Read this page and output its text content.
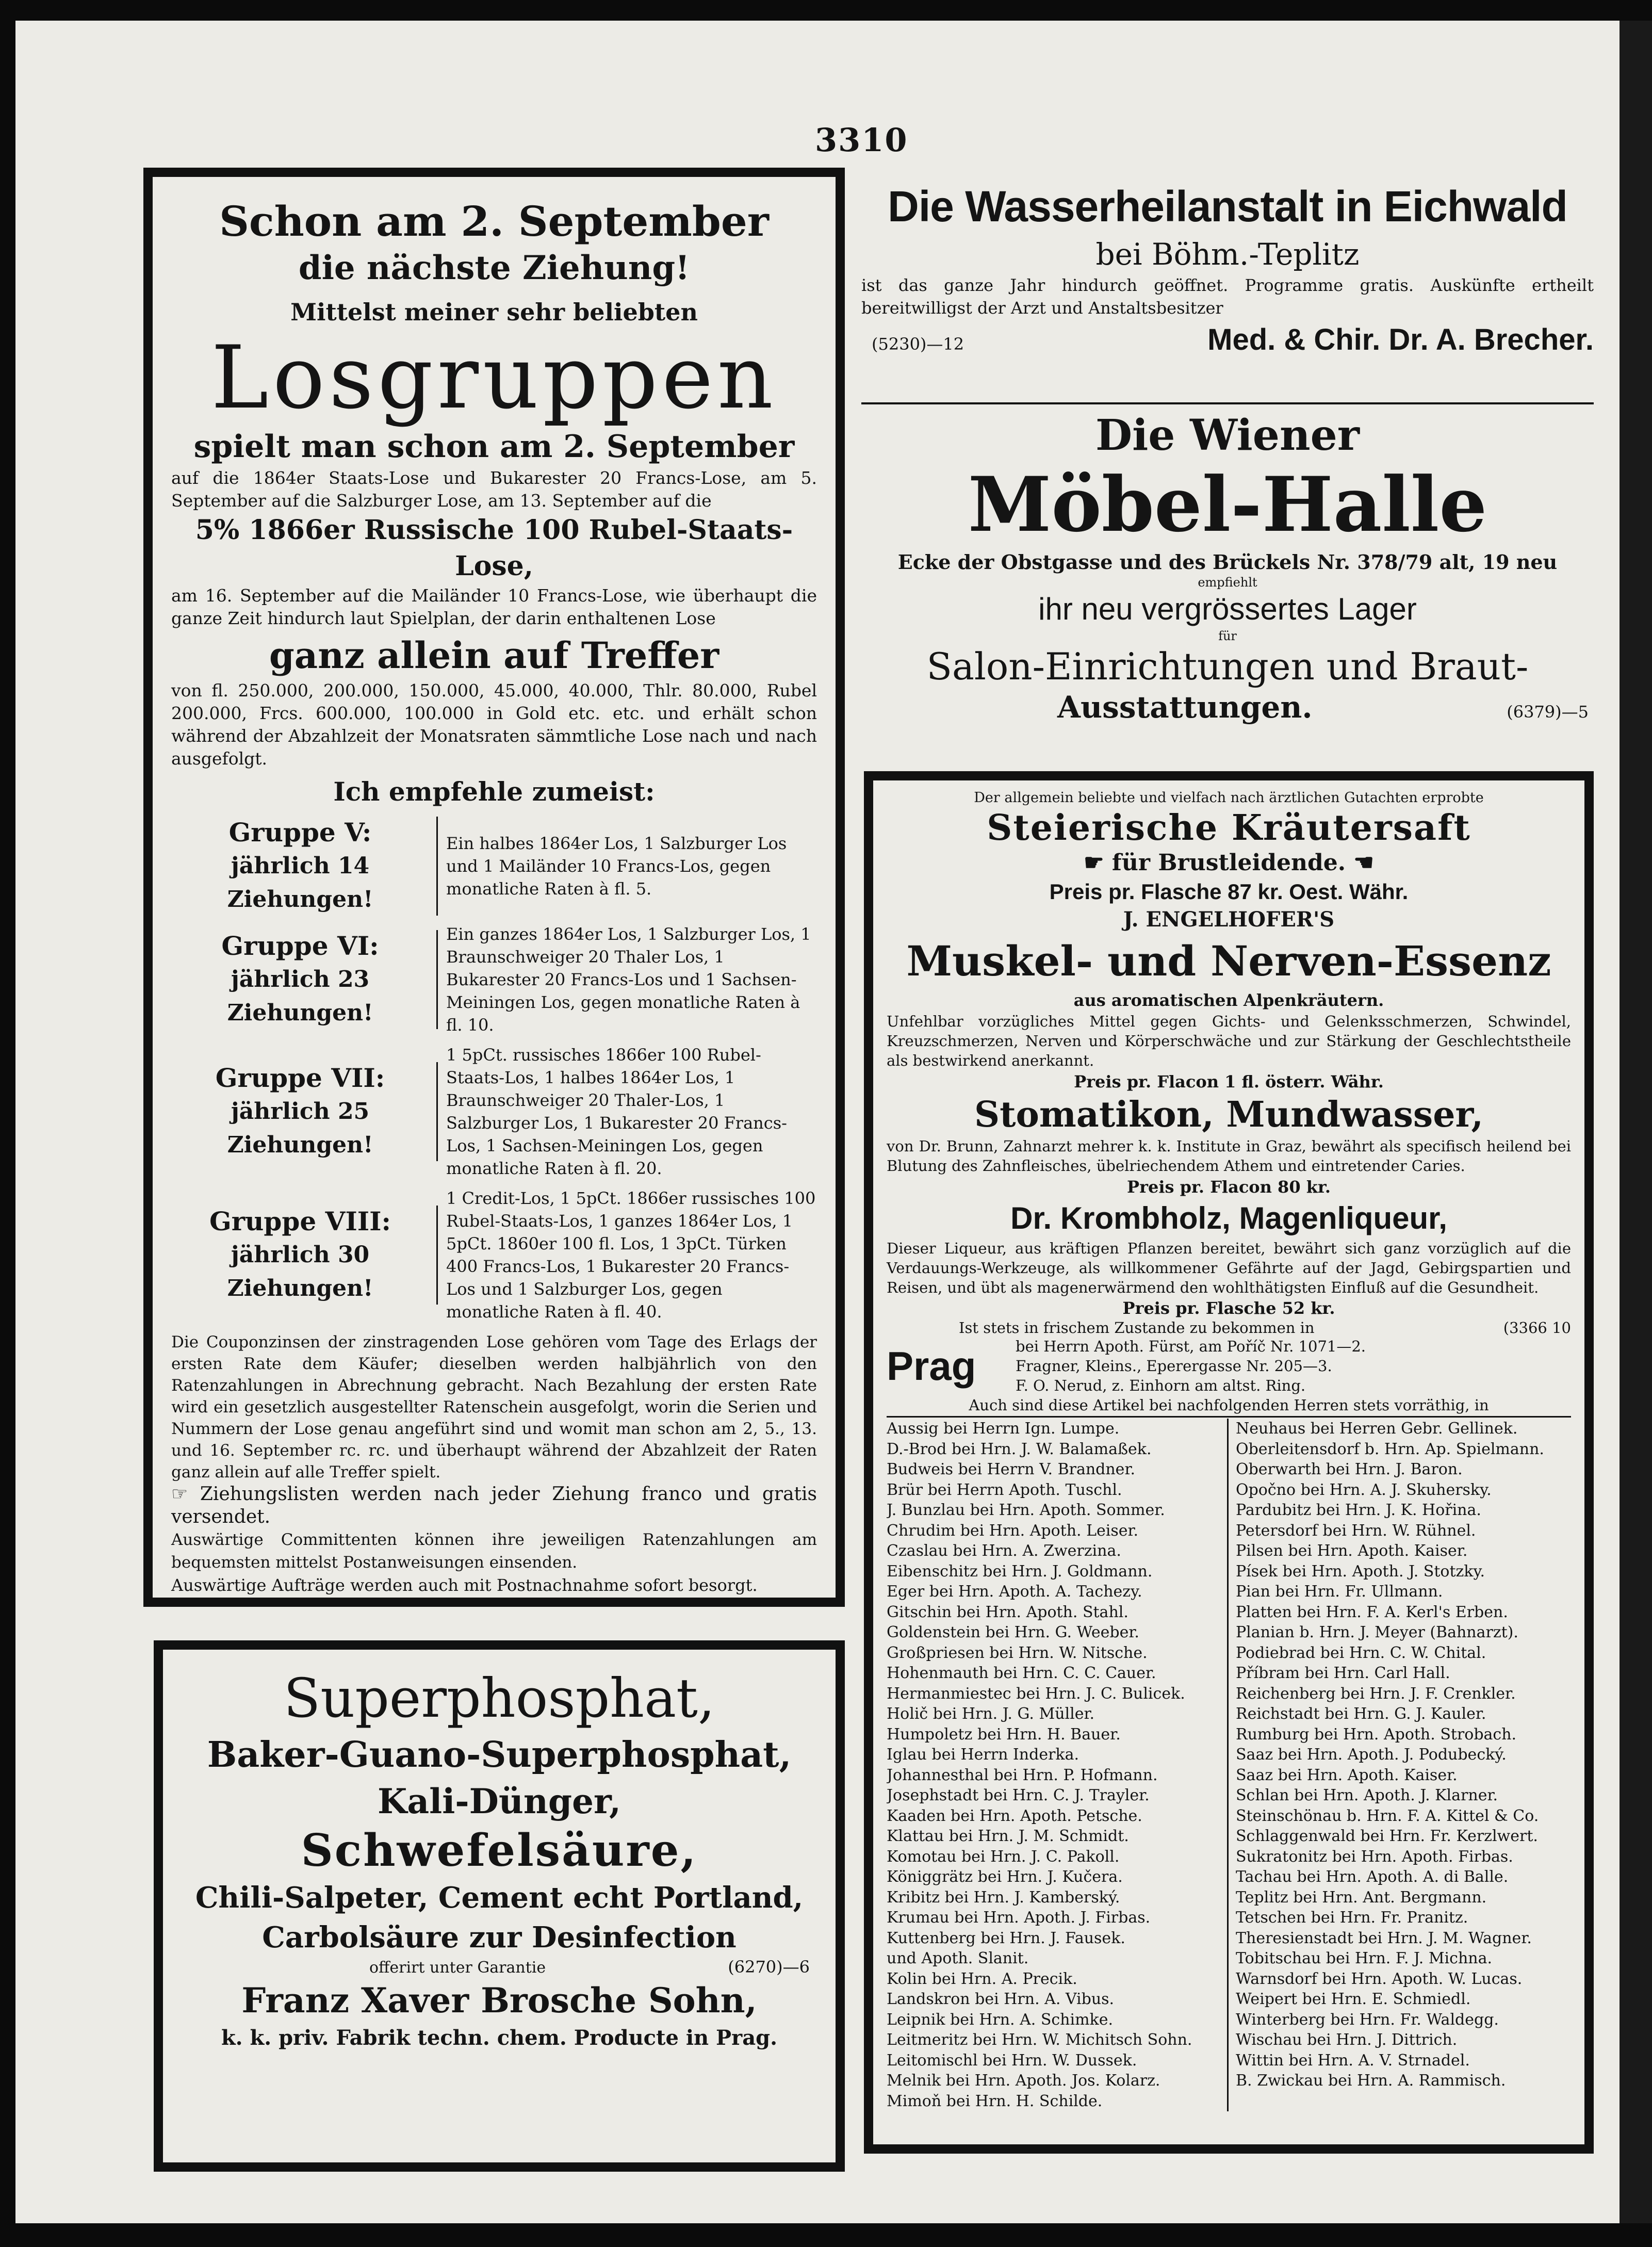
3310

Schon am 2. September

die nächste Ziehung!

Mittelst meiner sehr beliebten

Losgruppen

spielt man schon am 2. September

auf die 1864er Staats-Lose und Bukarester 20 Francs-Lose, am 5. September auf die Salzburger Lose, am 13. September auf die

5% 1866er Russische 100 Rubel-Staats-Lose,

am 16. September auf die Mailänder 10 Francs-Lose, wie überhaupt die ganze Zeit hindurch laut Spielplan, der darin enthaltenen Lose

ganz allein auf Treffer

von fl. 250.000, 200.000, 150.000, 45.000, 40.000, Thlr. 80.000, Rubel 200.000, Frcs. 600.000, 100.000 in Gold etc. etc. und erhält schon während der Abzahlzeit der Monatsraten sämmtliche Lose nach und nach ausgefolgt.

Ich empfehle zumeist:

Gruppe V:
jährlich 14 Ziehungen!
Ein halbes 1864er Los, 1 Salzburger Los und 1 Mailänder 10 Francs-Los, gegen monatliche Raten à fl. 5.
Gruppe VI:
jährlich 23 Ziehungen!
Ein ganzes 1864er Los, 1 Salzburger Los, 1 Braunschweiger 20 Thaler Los, 1 Bukarester 20 Francs-Los und 1 Sachsen-Meiningen Los, gegen monatliche Raten à fl. 10.
Gruppe VII:
jährlich 25 Ziehungen!
1 5pCt. russisches 1866er 100 Rubel-Staats-Los, 1 halbes 1864er Los, 1 Braunschweiger 20 Thaler-Los, 1 Salzburger Los, 1 Bukarester 20 Francs-Los, 1 Sachsen-Meiningen Los, gegen monatliche Raten à fl. 20.
Gruppe VIII:
jährlich 30 Ziehungen!
1 Credit-Los, 1 5pCt. 1866er russisches 100 Rubel-Staats-Los, 1 ganzes 1864er Los, 1 5pCt. 1860er 100 fl. Los, 1 3pCt. Türken 400 Francs-Los, 1 Bukarester 20 Francs-Los und 1 Salzburger Los, gegen monatliche Raten à fl. 40.

Die Couponzinsen der zinstragenden Lose gehören vom Tage des Erlags der ersten Rate dem Käufer; dieselben werden halbjährlich von den Ratenzahlungen in Abrechnung gebracht. Nach Bezahlung der ersten Rate wird ein gesetzlich ausgestellter Ratenschein ausgefolgt, worin die Serien und Nummern der Lose genau angeführt sind und womit man schon am 2, 5., 13. und 16. September rc. rc. und überhaupt während der Abzahlzeit der Raten ganz allein auf alle Treffer spielt.

☞ Ziehungslisten werden nach jeder Ziehung franco und gratis versendet.

Auswärtige Committenten können ihre jeweiligen Ratenzahlungen am bequemsten mittelst Postanweisungen einsenden.

Auswärtige Aufträge werden auch mit Postnachnahme sofort besorgt.

Superphosphat,

Baker-Guano-Superphosphat,

Kali-Dünger,

Schwefelsäure,

Chili-Salpeter, Cement echt Portland,

Carbolsäure zur Desinfection

offerirt unter Garantie	(6270)—6

Franz Xaver Brosche Sohn,

k. k. priv. Fabrik techn. chem. Producte in Prag.

Die Wasserheilanstalt in Eichwald

bei Böhm.-Teplitz

ist das ganze Jahr hindurch geöffnet. Programme gratis. Auskünfte ertheilt bereitwilligst der Arzt und Anstaltsbesitzer

(5230)—12	Med. & Chir. Dr. A. Brecher.

Die Wiener

Möbel-Halle

Ecke der Obstgasse und des Brückels Nr. 378/79 alt, 19 neu

empfiehlt

ihr neu vergrössertes Lager

für

Salon-Einrichtungen und Braut-

Ausstattungen.	(6379)—5

Der allgemein beliebte und vielfach nach ärztlichen Gutachten erprobte

Steierische Kräutersaft

☛ für Brustleidende. ☚

Preis pr. Flasche 87 kr. Oest. Währ.

J. ENGELHOFER'S

Muskel- und Nerven-Essenz

aus aromatischen Alpenkräutern.

Unfehlbar vorzügliches Mittel gegen Gichts- und Gelenksschmerzen, Schwindel, Kreuzschmerzen, Nerven und Körperschwäche und zur Stärkung der Geschlechtstheile als bestwirkend anerkannt.

Preis pr. Flacon 1 fl. österr. Währ.

Stomatikon, Mundwasser,

von Dr. Brunn, Zahnarzt mehrer k. k. Institute in Graz, bewährt als specifisch heilend bei Blutung des Zahnfleisches, übelriechendem Athem und eintretender Caries.

Preis pr. Flacon 80 kr.

Dr. Krombholz, Magenliqueur,

Dieser Liqueur, aus kräftigen Pflanzen bereitet, bewährt sich ganz vorzüglich auf die Verdauungs-Werkzeuge, als willkommener Gefährte auf der Jagd, Gebirgspartien und Reisen, und übt als magenerwärmend den wohlthätigsten Einfluß auf die Gesundheit.

Preis pr. Flasche 52 kr.

Ist stets in frischem Zustande zu bekommen in	(3366 10
Prag	bei Herrn Apoth. Fürst, am Poříč Nr. 1071—2.
Fragner, Kleins., Eperergasse Nr. 205—3.
F. O. Nerud, z. Einhorn am altst. Ring.

Auch sind diese Artikel bei nachfolgenden Herren stets vorräthig, in

Aussig bei Herrn Ign. Lumpe.
D.-Brod bei Hrn. J. W. Balamaßek.
Budweis bei Herrn V. Brandner.
Brür bei Herrn Apoth. Tuschl.
J. Bunzlau bei Hrn. Apoth. Sommer.
Chrudim bei Hrn. Apoth. Leiser.
Czaslau bei Hrn. A. Zwerzina.
Eibenschitz bei Hrn. J. Goldmann.
Eger bei Hrn. Apoth. A. Tachezy.
Gitschin bei Hrn. Apoth. Stahl.
Goldenstein bei Hrn. G. Weeber.
Großpriesen bei Hrn. W. Nitsche.
Hohenmauth bei Hrn. C. C. Cauer.
Hermanmiestec bei Hrn. J. C. Bulicek.
Holič bei Hrn. J. G. Müller.
Humpoletz bei Hrn. H. Bauer.
Iglau bei Herrn Inderka.
Johannesthal bei Hrn. P. Hofmann.
Josephstadt bei Hrn. C. J. Trayler.
Kaaden bei Hrn. Apoth. Petsche.
Klattau bei Hrn. J. M. Schmidt.
Komotau bei Hrn. J. C. Pakoll.
Königgrätz bei Hrn. J. Kučera.
Kribitz bei Hrn. J. Kamberský.
Krumau bei Hrn. Apoth. J. Firbas.
Kuttenberg bei Hrn. J. Fausek.
und Apoth. Slanit.
Kolin bei Hrn. A. Precik.
Landskron bei Hrn. A. Vibus.
Leipnik bei Hrn. A. Schimke.
Leitmeritz bei Hrn. W. Michitsch Sohn.
Leitomischl bei Hrn. W. Dussek.
Melnik bei Hrn. Apoth. Jos. Kolarz.
Mimoň bei Hrn. H. Schilde.
Neuhaus bei Herren Gebr. Gellinek.
Oberleitensdorf b. Hrn. Ap. Spielmann.
Oberwarth bei Hrn. J. Baron.
Opočno bei Hrn. A. J. Skuhersky.
Pardubitz bei Hrn. J. K. Hořina.
Petersdorf bei Hrn. W. Rühnel.
Pilsen bei Hrn. Apoth. Kaiser.
Písek bei Hrn. Apoth. J. Stotzky.
Pian bei Hrn. Fr. Ullmann.
Platten bei Hrn. F. A. Kerl's Erben.
Planian b. Hrn. J. Meyer (Bahnarzt).
Podiebrad bei Hrn. C. W. Chital.
Příbram bei Hrn. Carl Hall.
Reichenberg bei Hrn. J. F. Crenkler.
Reichstadt bei Hrn. G. J. Kauler.
Rumburg bei Hrn. Apoth. Strobach.
Saaz bei Hrn. Apoth. J. Podubecký.
Saaz bei Hrn. Apoth. Kaiser.
Schlan bei Hrn. Apoth. J. Klarner.
Steinschönau b. Hrn. F. A. Kittel & Co.
Schlaggenwald bei Hrn. Fr. Kerzlwert.
Sukratonitz bei Hrn. Apoth. Firbas.
Tachau bei Hrn. Apoth. A. di Balle.
Teplitz bei Hrn. Ant. Bergmann.
Tetschen bei Hrn. Fr. Pranitz.
Theresienstadt bei Hrn. J. M. Wagner.
Tobitschau bei Hrn. F. J. Michna.
Warnsdorf bei Hrn. Apoth. W. Lucas.
Weipert bei Hrn. E. Schmiedl.
Winterberg bei Hrn. Fr. Waldegg.
Wischau bei Hrn. J. Dittrich.
Wittin bei Hrn. A. V. Strnadel.
B. Zwickau bei Hrn. A. Rammisch.
